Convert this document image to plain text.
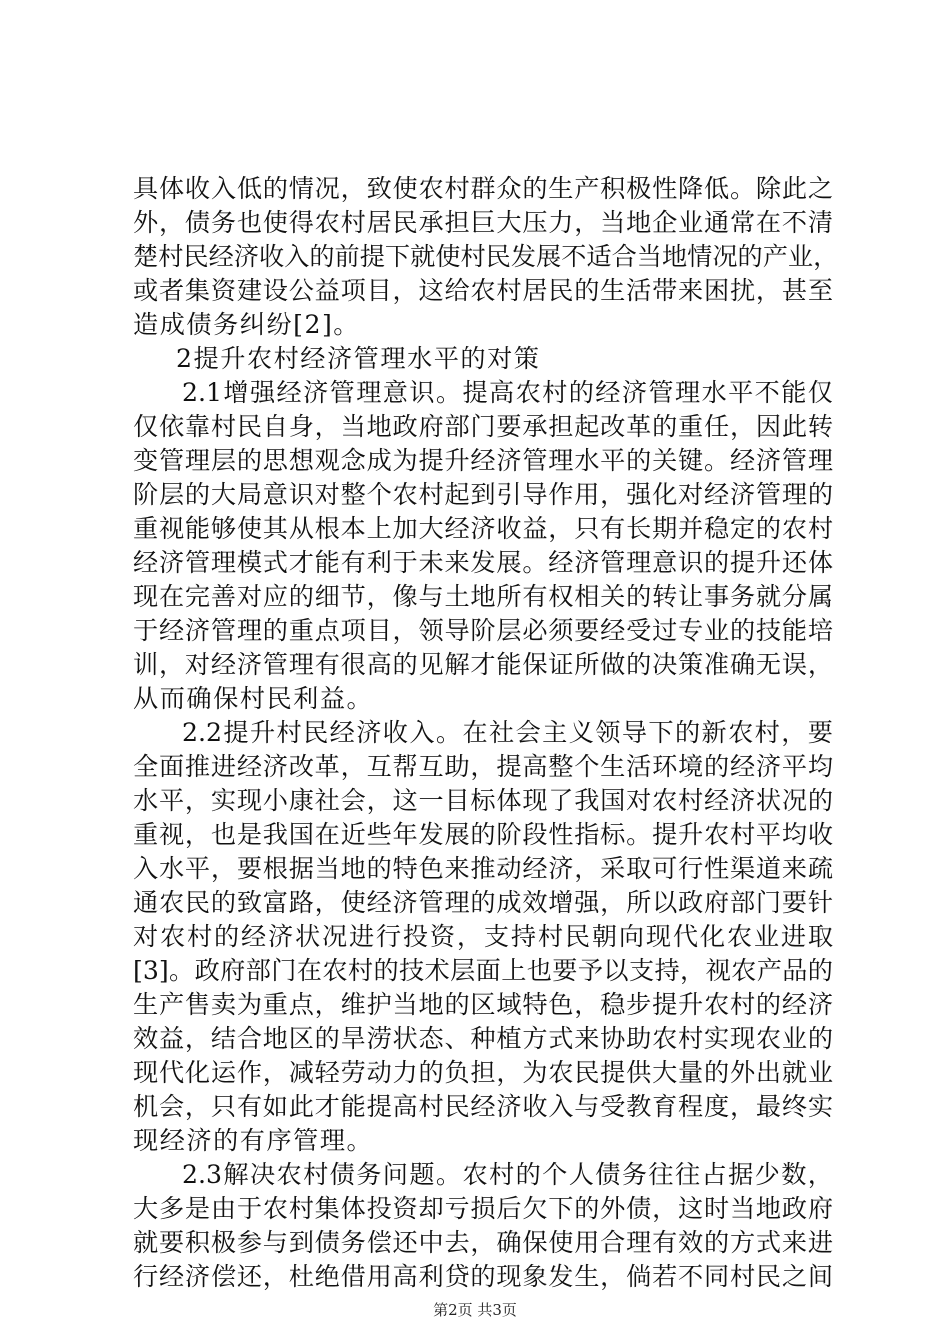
具体收入低的情况，致使农村群众的生产积极性降低。除此之
外，债务也使得农村居民承担巨大压力，当地企业通常在不清
楚村民经济收入的前提下就使村民发展不适合当地情况的产业，
或者集资建设公益项目，这给农村居民的生活带来困扰，甚至
造成债务纠纷[2]。
2提升农村经济管理水平的对策
2.1增强经济管理意识。提高农村的经济管理水平不能仅
仅依靠村民自身，当地政府部门要承担起改革的重任，因此转
变管理层的思想观念成为提升经济管理水平的关键。经济管理
阶层的大局意识对整个农村起到引导作用，强化对经济管理的
重视能够使其从根本上加大经济收益，只有长期并稳定的农村
经济管理模式才能有利于未来发展。经济管理意识的提升还体
现在完善对应的细节，像与土地所有权相关的转让事务就分属
于经济管理的重点项目，领导阶层必须要经受过专业的技能培
训，对经济管理有很高的见解才能保证所做的决策准确无误，
从而确保村民利益。
2.2提升村民经济收入。在社会主义领导下的新农村，要
全面推进经济改革，互帮互助，提高整个生活环境的经济平均
水平，实现小康社会，这一目标体现了我国对农村经济状况的
重视，也是我国在近些年发展的阶段性指标。提升农村平均收
入水平，要根据当地的特色来推动经济，采取可行性渠道来疏
通农民的致富路，使经济管理的成效增强，所以政府部门要针
对农村的经济状况进行投资，支持村民朝向现代化农业进取
[3]。政府部门在农村的技术层面上也要予以支持，视农产品的
生产售卖为重点，维护当地的区域特色，稳步提升农村的经济
效益，结合地区的旱涝状态、种植方式来协助农村实现农业的
现代化运作，减轻劳动力的负担，为农民提供大量的外出就业
机会，只有如此才能提高村民经济收入与受教育程度，最终实
现经济的有序管理。
2.3解决农村债务问题。农村的个人债务往往占据少数，
大多是由于农村集体投资却亏损后欠下的外债，这时当地政府
就要积极参与到债务偿还中去，确保使用合理有效的方式来进
行经济偿还，杜绝借用高利贷的现象发生，倘若不同村民之间
第2页 共3页
